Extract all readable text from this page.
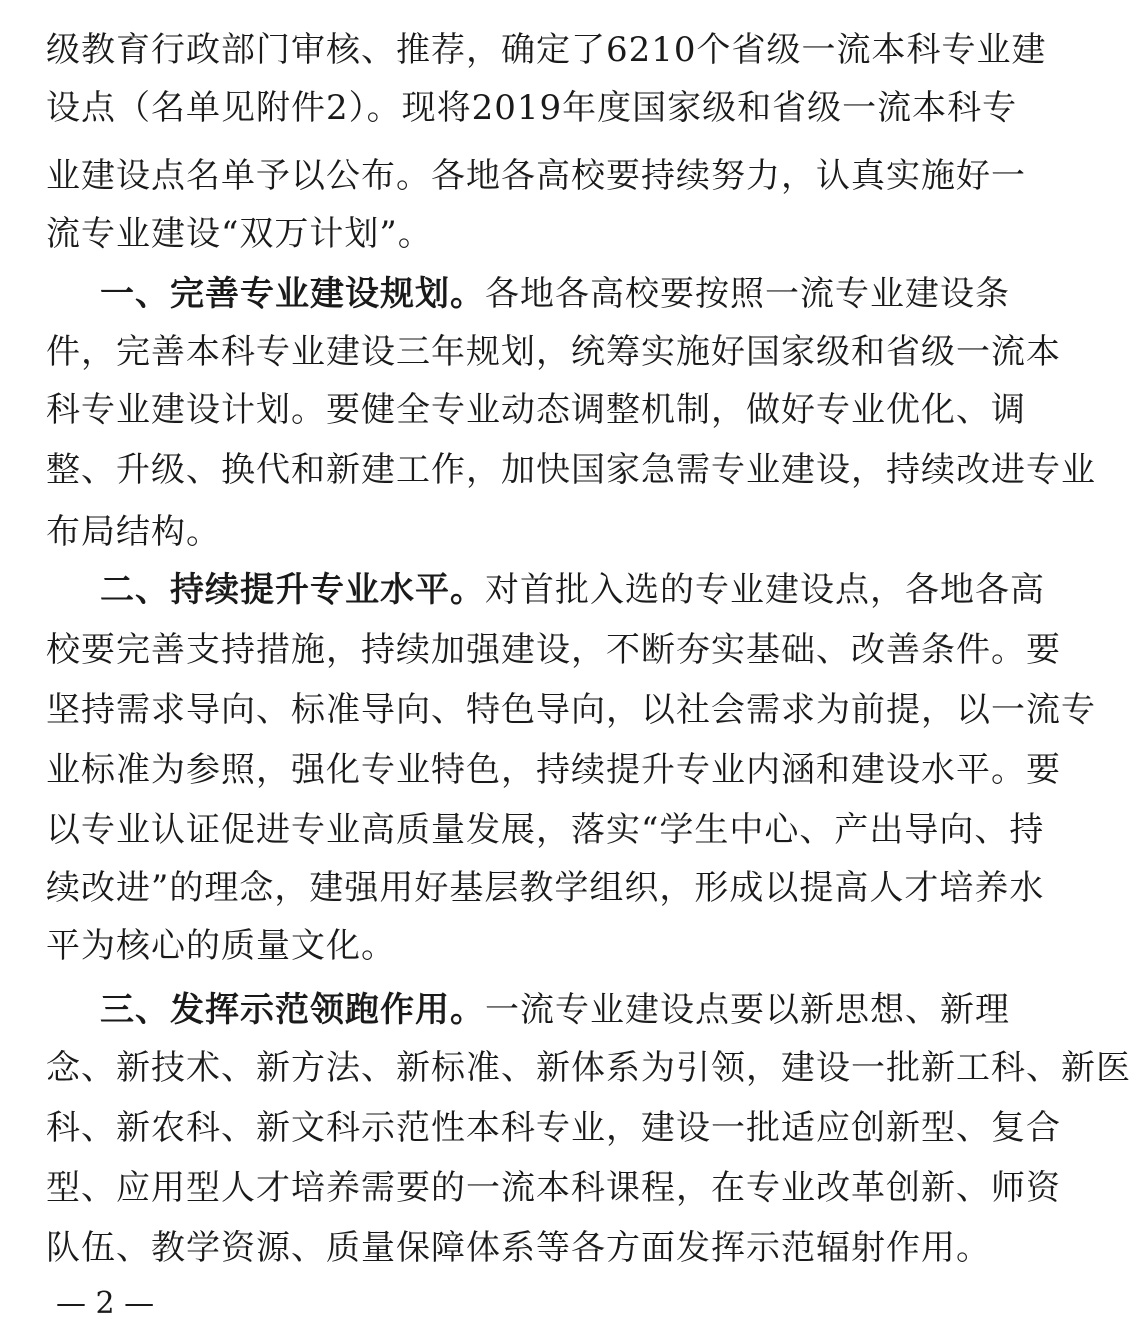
级教育行政部门审核、推荐，确定了6210个省级一流本科专业建
设点（名单见附件2）。现将2019年度国家级和省级一流本科专
业建设点名单予以公布。各地各高校要持续努力，认真实施好一
流专业建设“双万计划”。
一、完善专业建设规划。各地各高校要按照一流专业建设条
件，完善本科专业建设三年规划，统筹实施好国家级和省级一流本
科专业建设计划。要健全专业动态调整机制，做好专业优化、调
整、升级、换代和新建工作，加快国家急需专业建设，持续改进专业
布局结构。
二、持续提升专业水平。对首批入选的专业建设点，各地各高
校要完善支持措施，持续加强建设，不断夯实基础、改善条件。要
坚持需求导向、标准导向、特色导向，以社会需求为前提，以一流专
业标准为参照，强化专业特色，持续提升专业内涵和建设水平。要
以专业认证促进专业高质量发展，落实“学生中心、产出导向、持
续改进”的理念，建强用好基层教学组织，形成以提高人才培养水
平为核心的质量文化。
三、发挥示范领跑作用。一流专业建设点要以新思想、新理
念、新技术、新方法、新标准、新体系为引领，建设一批新工科、新医
科、新农科、新文科示范性本科专业，建设一批适应创新型、复合
型、应用型人才培养需要的一流本科课程，在专业改革创新、师资
队伍、教学资源、质量保障体系等各方面发挥示范辐射作用。
— 2 —
